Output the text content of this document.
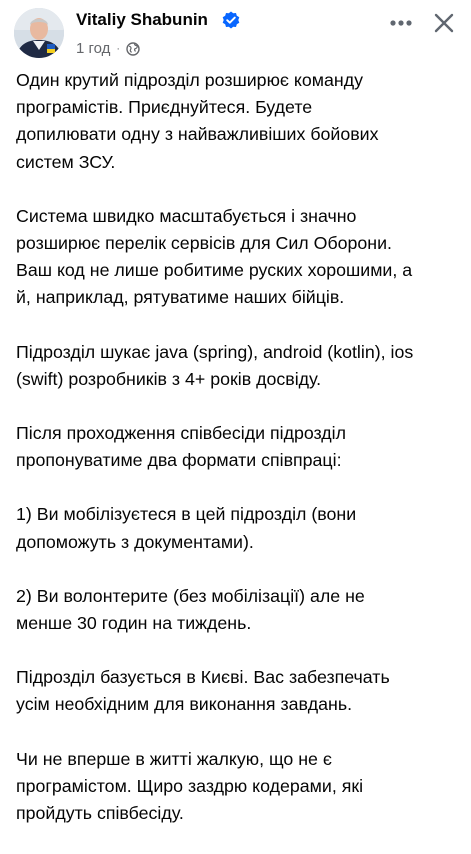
Vitaliy Shabunin
1 год ·

Один крутий підрозділ розширює команду
програмістів. Приєднуйтеся. Будете
допилювати одну з найважливіших бойових
систем ЗСУ.

Система швидко масштабується і значно
розширює перелік сервісів для Сил Оборони.
Ваш код не лише робитиме руских хорошими, а
й, наприклад, рятуватиме наших бійців.

Підрозділ шукає java (spring), android (kotlin), ios
(swift) розробників з 4+ років досвіду.

Після проходження співбесіди підрозділ
пропонуватиме два формати співпраці:

1) Ви мобілізуєтеся в цей підрозділ (вони
допоможуть з документами).

2) Ви волонтерите (без мобілізації) але не
менше 30 годин на тиждень.

Підрозділ базується в Києві. Вас забезпечать
усім необхідним для виконання завдань.

Чи не вперше в житті жалкую, що не є
програмістом. Щиро заздрю кодерами, які
пройдуть співбесіду.
